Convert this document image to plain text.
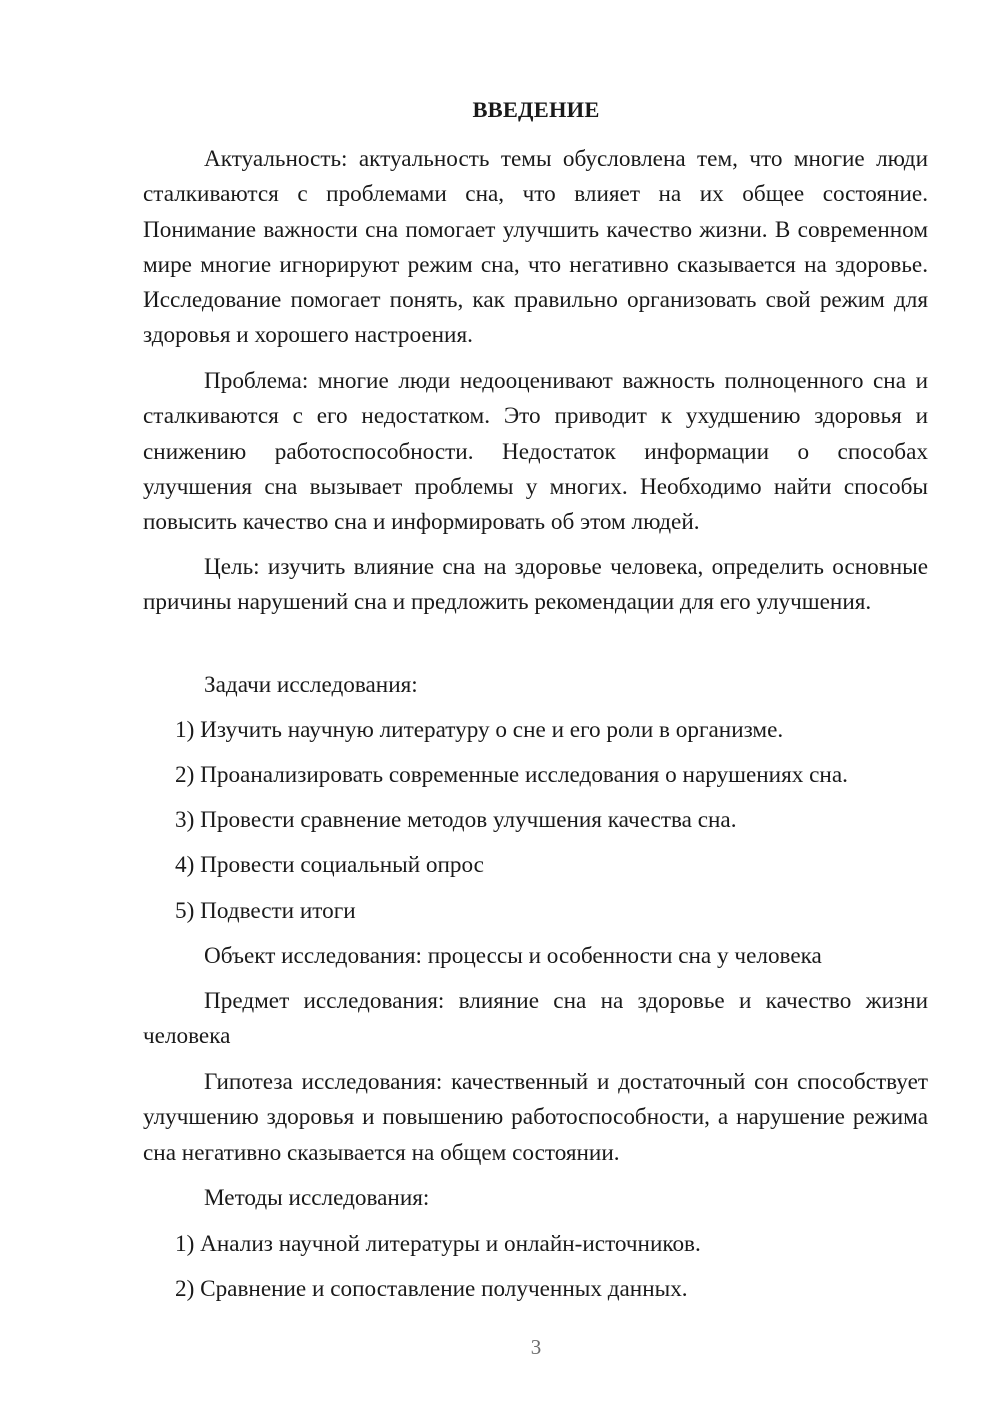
ВВЕДЕНИЕ

Актуальность: актуальность темы обусловлена тем, что многие люди сталкиваются с проблемами сна, что влияет на их общее состояние. Понимание важности сна помогает улучшить качество жизни. В современном мире многие игнорируют режим сна, что негативно сказывается на здоровье. Исследование помогает понять, как правильно организовать свой режим для здоровья и хорошего настроения.

Проблема: многие люди недооценивают важность полноценного сна и сталкиваются с его недостатком. Это приводит к ухудшению здоровья и снижению работоспособности. Недостаток информации о способах улучшения сна вызывает проблемы у многих. Необходимо найти способы повысить качество сна и информировать об этом людей.

Цель: изучить влияние сна на здоровье человека, определить основные причины нарушений сна и предложить рекомендации для его улучшения.

Задачи исследования:

1) Изучить научную литературу о сне и его роли в организме.

2) Проанализировать современные исследования о нарушениях сна.

3) Провести сравнение методов улучшения качества сна.

4) Провести социальный опрос

5) Подвести итоги

Объект исследования: процессы и особенности сна у человека

Предмет исследования: влияние сна на здоровье и качество жизни человека

Гипотеза исследования: качественный и достаточный сон способствует улучшению здоровья и повышению работоспособности, а нарушение режима сна негативно сказывается на общем состоянии.

Методы исследования:

1) Анализ научной литературы и онлайн-источников.

2) Сравнение и сопоставление полученных данных.

3
